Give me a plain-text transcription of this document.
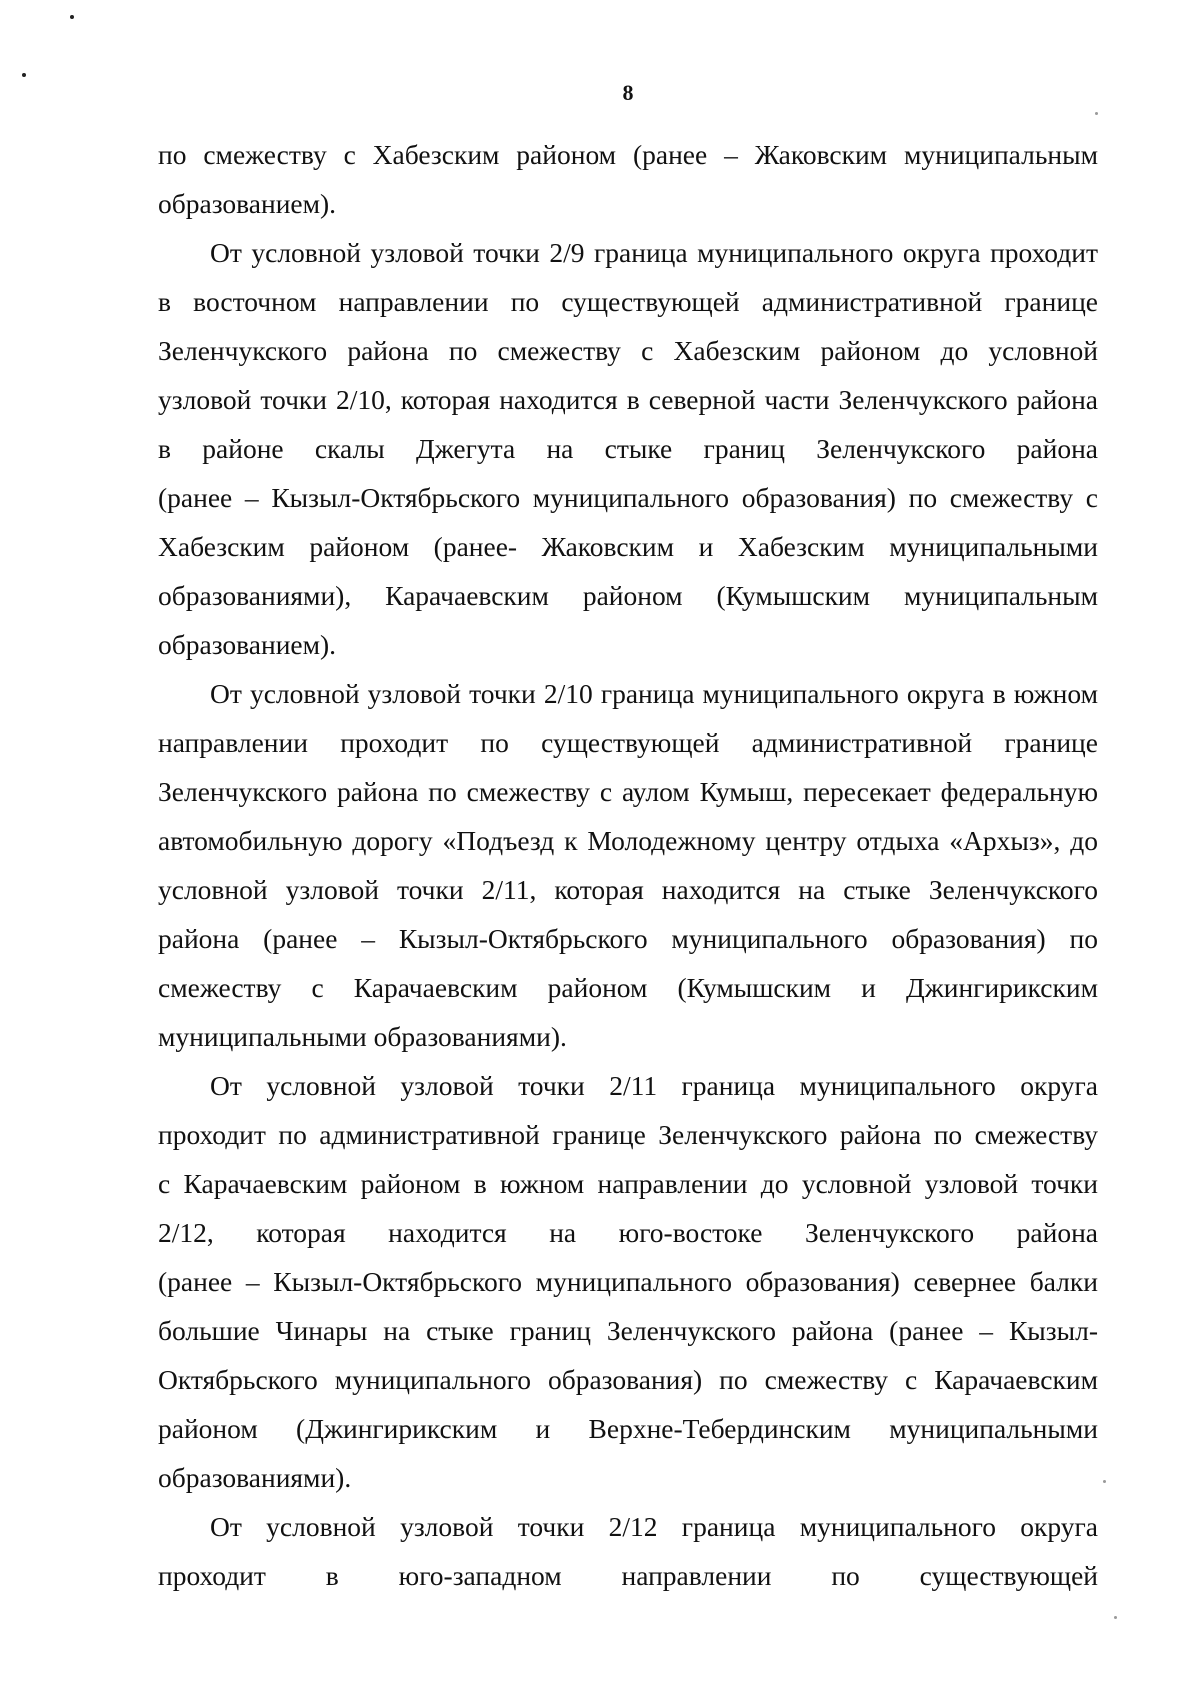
8
по смежеству с Хабезским районом (ранее – Жаковским муниципальным
образованием).
От условной узловой точки 2/9 граница муниципального округа проходит
в восточном направлении по существующей административной границе
Зеленчукского района по смежеству с Хабезским районом до условной
узловой точки 2/10, которая находится в северной части Зеленчукского района
в районе скалы Джегута на стыке границ Зеленчукского района
(ранее – Кызыл-Октябрьского муниципального образования) по смежеству с
Хабезским районом (ранее- Жаковским и Хабезским муниципальными
образованиями), Карачаевским районом (Кумышским муниципальным
образованием).
От условной узловой точки 2/10 граница муниципального округа в южном
направлении проходит по существующей административной границе
Зеленчукского района по смежеству с аулом Кумыш, пересекает федеральную
автомобильную дорогу «Подъезд к Молодежному центру отдыха «Архыз», до
условной узловой точки 2/11, которая находится на стыке Зеленчукского
района (ранее – Кызыл-Октябрьского муниципального образования) по
смежеству с Карачаевским районом (Кумышским и Джингирикским
муниципальными образованиями).
От условной узловой точки 2/11 граница муниципального округа
проходит по административной границе Зеленчукского района по смежеству
с Карачаевским районом в южном направлении до условной узловой точки
2/12, которая находится на юго-востоке Зеленчукского района
(ранее – Кызыл-Октябрьского муниципального образования) севернее балки
большие Чинары на стыке границ Зеленчукского района (ранее – Кызыл-
Октябрьского муниципального образования) по смежеству с Карачаевским
районом (Джингирикским и Верхне-Тебердинским муниципальными
образованиями).
От условной узловой точки 2/12 граница муниципального округа
проходит в юго-западном направлении по существующей
